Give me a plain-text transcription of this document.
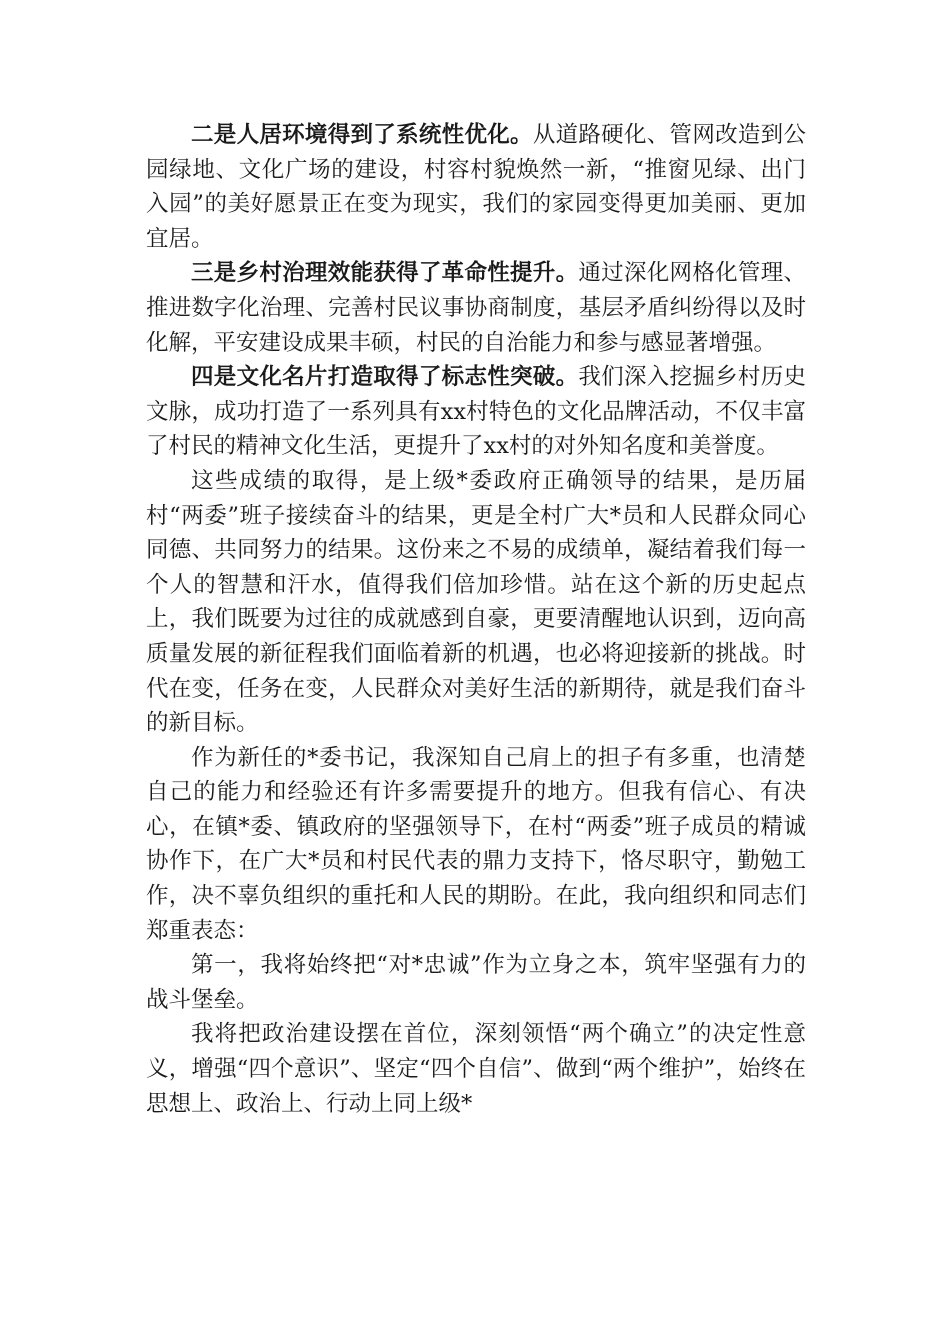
二是人居环境得到了系统性优化。从道路硬化、管网改造到公园绿地、文化广场的建设，村容村貌焕然一新，“推窗见绿、出门入园”的美好愿景正在变为现实，我们的家园变得更加美丽、更加宜居。

三是乡村治理效能获得了革命性提升。通过深化网格化管理、推进数字化治理、完善村民议事协商制度，基层矛盾纠纷得以及时化解，平安建设成果丰硕，村民的自治能力和参与感显著增强。

四是文化名片打造取得了标志性突破。我们深入挖掘乡村历史文脉，成功打造了一系列具有xx村特色的文化品牌活动，不仅丰富了村民的精神文化生活，更提升了xx村的对外知名度和美誉度。

这些成绩的取得，是上级*委政府正确领导的结果，是历届村“两委”班子接续奋斗的结果，更是全村广大*员和人民群众同心同德、共同努力的结果。这份来之不易的成绩单，凝结着我们每一个人的智慧和汗水，值得我们倍加珍惜。站在这个新的历史起点上，我们既要为过往的成就感到自豪，更要清醒地认识到，迈向高质量发展的新征程我们面临着新的机遇，也必将迎接新的挑战。时代在变，任务在变，人民群众对美好生活的新期待，就是我们奋斗的新目标。

作为新任的*委书记，我深知自己肩上的担子有多重，也清楚自己的能力和经验还有许多需要提升的地方。但我有信心、有决心，在镇*委、镇政府的坚强领导下，在村“两委”班子成员的精诚协作下，在广大*员和村民代表的鼎力支持下，恪尽职守，勤勉工作，决不辜负组织的重托和人民的期盼。在此，我向组织和同志们郑重表态：

第一，我将始终把“对*忠诚”作为立身之本，筑牢坚强有力的战斗堡垒。

我将把政治建设摆在首位，深刻领悟“两个确立”的决定性意义，增强“四个意识”、坚定“四个自信”、做到“两个维护”，始终在思想上、政治上、行动上同上级*
